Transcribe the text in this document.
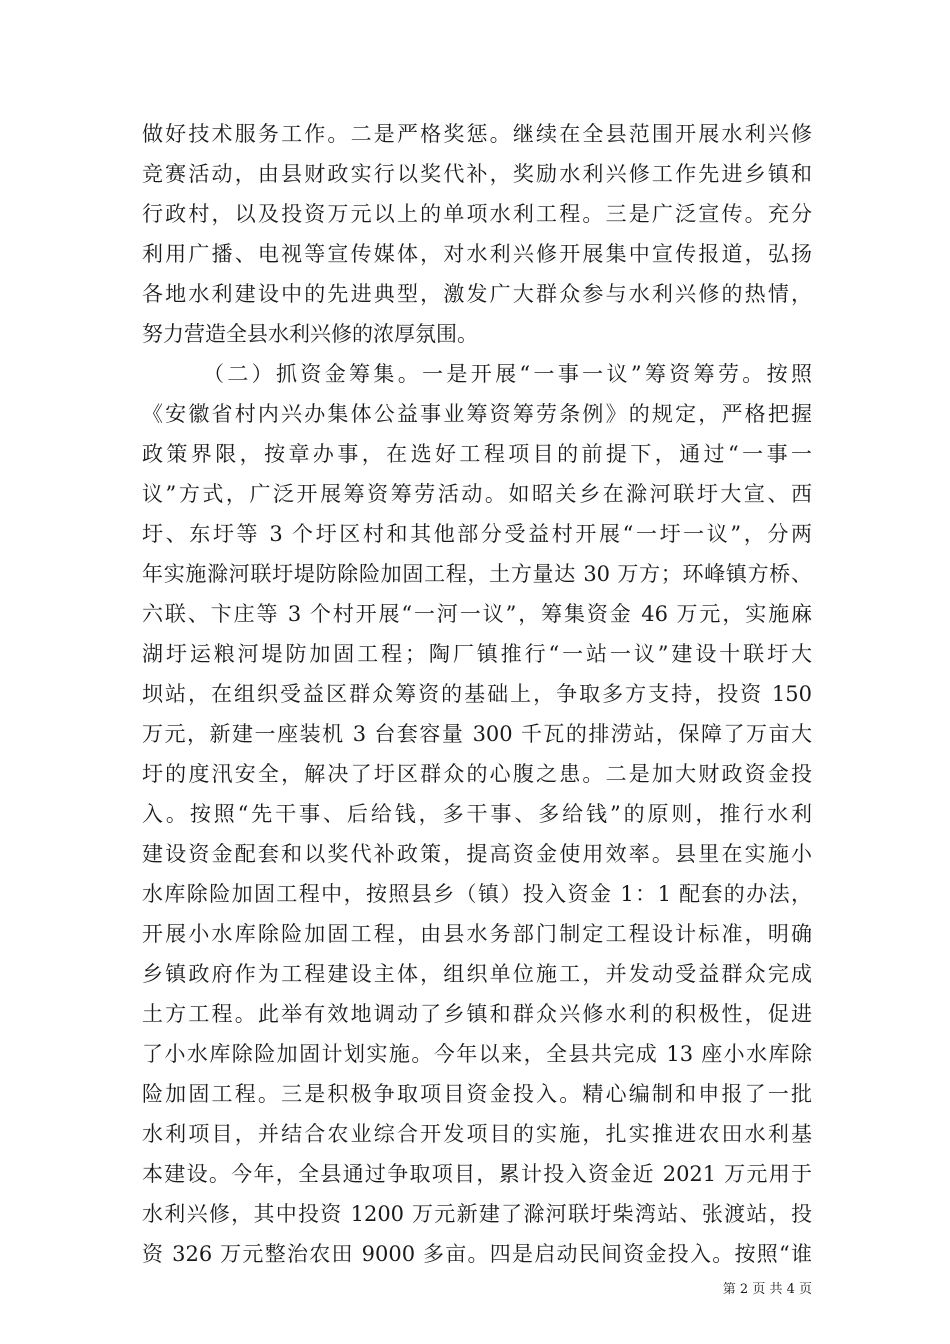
做好技术服务工作。二是严格奖惩。继续在全县范围开展水利兴修
竞赛活动，由县财政实行以奖代补，奖励水利兴修工作先进乡镇和
行政村，以及投资万元以上的单项水利工程。三是广泛宣传。充分
利用广播、电视等宣传媒体，对水利兴修开展集中宣传报道，弘扬
各地水利建设中的先进典型，激发广大群众参与水利兴修的热情，
努力营造全县水利兴修的浓厚氛围。
（二）抓资金筹集。一是开展“一事一议”筹资筹劳。按照
《安徽省村内兴办集体公益事业筹资筹劳条例》的规定，严格把握
政策界限，按章办事，在选好工程项目的前提下，通过“一事一
议”方式，广泛开展筹资筹劳活动。如昭关乡在滁河联圩大宣、西
圩、东圩等 3 个圩区村和其他部分受益村开展“一圩一议”，分两
年实施滁河联圩堤防除险加固工程，土方量达 30 万方；环峰镇方桥、
六联、卞庄等 3 个村开展“一河一议”，筹集资金 46 万元，实施麻
湖圩运粮河堤防加固工程；陶厂镇推行“一站一议”建设十联圩大
坝站，在组织受益区群众筹资的基础上，争取多方支持，投资 150
万元，新建一座装机 3 台套容量 300 千瓦的排涝站，保障了万亩大
圩的度汛安全，解决了圩区群众的心腹之患。二是加大财政资金投
入。按照“先干事、后给钱，多干事、多给钱”的原则，推行水利
建设资金配套和以奖代补政策，提高资金使用效率。县里在实施小
水库除险加固工程中，按照县乡（镇）投入资金 1：1 配套的办法，
开展小水库除险加固工程，由县水务部门制定工程设计标准，明确
乡镇政府作为工程建设主体，组织单位施工，并发动受益群众完成
土方工程。此举有效地调动了乡镇和群众兴修水利的积极性，促进
了小水库除险加固计划实施。今年以来，全县共完成 13 座小水库除
险加固工程。三是积极争取项目资金投入。精心编制和申报了一批
水利项目，并结合农业综合开发项目的实施，扎实推进农田水利基
本建设。今年，全县通过争取项目，累计投入资金近 2021 万元用于
水利兴修，其中投资 1200 万元新建了滁河联圩柴湾站、张渡站，投
资 326 万元整治农田 9000 多亩。四是启动民间资金投入。按照“谁
第 2 页 共 4 页
